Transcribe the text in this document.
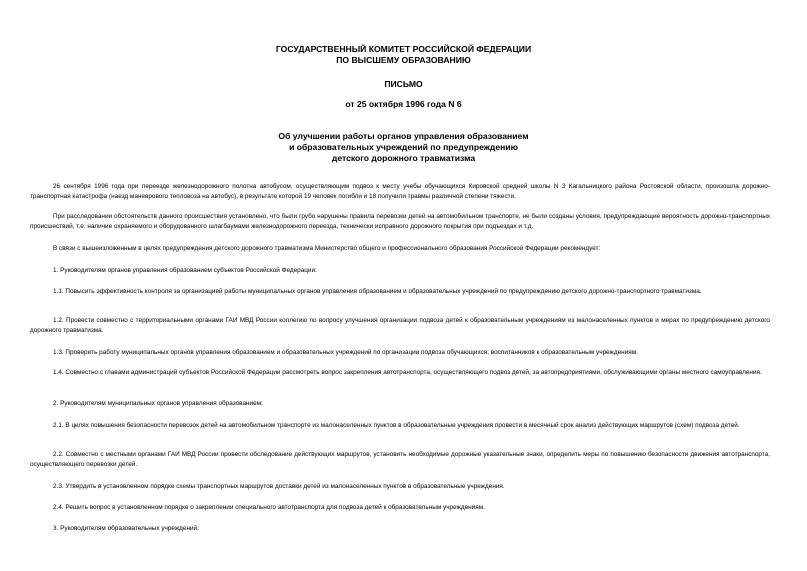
ГОСУДАРСТВЕННЫЙ КОМИТЕТ РОССИЙСКОЙ ФЕДЕРАЦИИ
ПО ВЫСШЕМУ ОБРАЗОВАНИЮ
ПИСЬМО
от 25 октября 1996 года N 6
Об улучшении работы органов управления образованием
и образовательных учреждений по предупреждению
детского дорожного травматизма

26 сентября 1996 года при переезде железнодорожного полотна автобусом, осуществляющим подвоз к месту учебы обучающихся Кировской средней школы N 3 Кагальницкого района Ростовской области, произошла дорожно-транспортная катастрофа (наезд маневрового тепловоза на автобус), в результате которой 19 человек погибли и 18 получили травмы различной степени тяжести.

При расследовании обстоятельств данного происшествия установлено, что были грубо нарушены правила перевозки детей на автомобильном транспорте, не были созданы условия, предупреждающие вероятность дорожно-транспортных происшествий, т.е. наличие охраняемого и оборудованного шлагбаумами железнодорожного переезда, технически исправного дорожного покрытия при подъездах и т.д.

В связи с вышеизложенным в целях предупреждения детского дорожного травматизма Министерство общего и профессионального образования Российской Федерации рекомендует:

1. Руководителям органов управления образованием субъектов Российской Федерации:

1.1. Повысить эффективность контроля за организацией работы муниципальных органов управления образованием и образовательных учреждений по предупреждению детского дорожно-транспортного травматизма.

1.2. Провести совместно с территориальными органами ГАИ МВД России коллегию по вопросу улучшения организации подвоза детей к образовательным учреждениям из малонаселенных пунктов и мерах по предупреждению детского дорожного травматизма.

1.3. Проверить работу муниципальных органов управления образованием и образовательных учреждений по организации подвоза обучающихся, воспитанников к образовательным учреждениям.

1.4. Совместно с главами администраций субъектов Российской Федерации рассмотреть вопрос закрепления автотранспорта, осуществляющего подвоз детей, за автопредприятиями, обслуживающими органы местного самоуправления.

2. Руководителям муниципальных органов управления образованием:

2.1. В целях повышения безопасности перевозок детей на автомобильном транспорте из малонаселенных пунктов в образовательные учреждения провести в месячный срок анализ действующих маршрутов (схем) подвоза детей.

2.2. Совместно с местными органами ГАИ МВД России провести обследование действующих маршрутов, установить необходимые дорожные указательные знаки, определить меры по повышению безопасности движения автотранспорта, осуществляющего перевозки детей.

2.3. Утвердить в установленном порядке схемы транспортных маршрутов доставки детей из малонаселенных пунктов в образовательные учреждения.

2.4. Решить вопрос в установленном порядке о закреплении специального автотранспорта для подвоза детей к образовательным учреждениям.

3. Руководителям образовательных учреждений:
